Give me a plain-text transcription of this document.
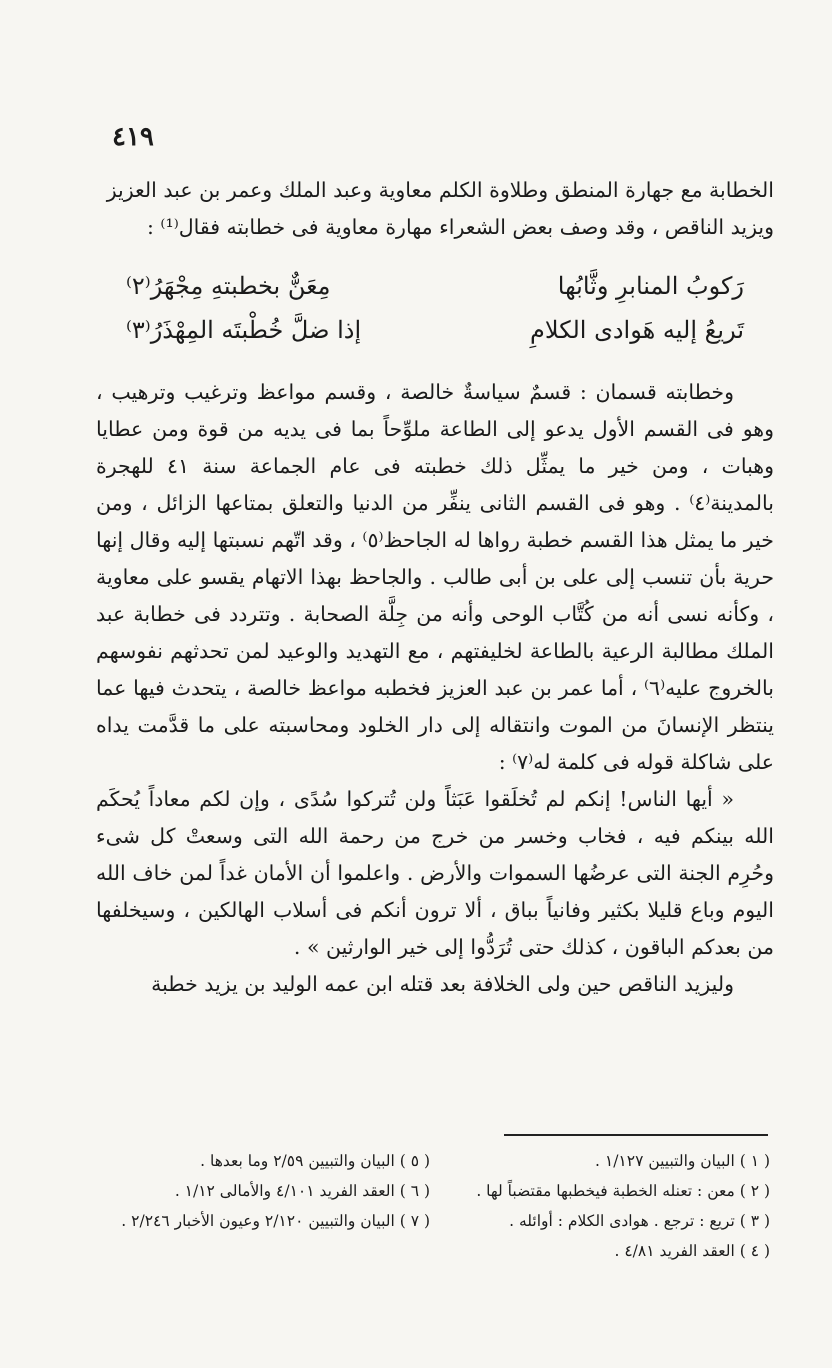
٤١٩

الخطابة مع جهارة المنطق وطلاوة الكلم معاوية وعبد الملك وعمر بن عبد العزيز

ويزيد الناقص ، وقد وصف بعض الشعراء مهارة معاوية فى خطابته فقال⁽¹⁾ :

رَكوبُ المنابرِ وثَّابُها
مِعَنٌّ بخطبتهِ مِجْهَرُ⁽٢⁾
تَريعُ إليه هَوادى الكلامِ
إذا ضلَّ خُطْبتَه المِهْذَرُ⁽٣⁾

وخطابته قسمان : قسمٌ سياسةٌ خالصة ، وقسم مواعظ وترغيب وترهيب ، وهو فى القسم الأول يدعو إلى الطاعة ملوِّحاً بما فى يديه من قوة ومن عطايا وهبات ، ومن خير ما يمثِّل ذلك خطبته فى عام الجماعة سنة ٤١ للهجرة بالمدينة⁽٤⁾ . وهو فى القسم الثانى ينفِّر من الدنيا والتعلق بمتاعها الزائل ، ومن خير ما يمثل هذا القسم خطبة رواها له الجاحظ⁽٥⁾ ، وقد اتّهم نسبتها إليه وقال إنها حرية بأن تنسب إلى على بن أبى طالب . والجاحظ بهذا الاتهام يقسو على معاوية ، وكأنه نسى أنه من كُتَّاب الوحى وأنه من جِلَّة الصحابة . وتتردد فى خطابة عبد الملك مطالبة الرعية بالطاعة لخليفتهم ، مع التهديد والوعيد لمن تحدثهم نفوسهم بالخروج عليه⁽٦⁾ ، أما عمر بن عبد العزيز فخطبه مواعظ خالصة ، يتحدث فيها عما ينتظر الإنسانَ من الموت وانتقاله إلى دار الخلود ومحاسبته على ما قدَّمت يداه على شاكلة قوله فى كلمة له⁽٧⁾ :

« أيها الناس! إنكم لم تُخلَقوا عَبَثاً ولن تُتركوا سُدًى ، وإن لكم معاداً يُحكَم الله بينكم فيه ، فخاب وخسر من خرج من رحمة الله التى وسعتْ كل شىء وحُرِم الجنة التى عرضُها السموات والأرض . واعلموا أن الأمان غداً لمن خاف الله اليوم وباع قليلا بكثير وفانياً بباق ، ألا ترون أنكم فى أسلاب الهالكين ، وسيخلفها من بعدكم الباقون ، كذلك حتى تُرَدُّوا إلى خير الوارثين » .

وليزيد الناقص حين ولى الخلافة بعد قتله ابن عمه الوليد بن يزيد خطبة

( ١ ) البيان والتبيين ١/١٢٧ .
( ٢ ) معن : تعنله الخطبة فيخطبها مقتضباً لها .
( ٣ ) تريع : ترجع . هوادى الكلام : أوائله .
( ٤ ) العقد الفريد ٤/٨١ .
( ٥ ) البيان والتبيين ٢/٥٩ وما بعدها .
( ٦ ) العقد الفريد ٤/١٠١ والأمالى ١/١٢ .
( ٧ ) البيان والتبيين ٢/١٢٠ وعيون الأخبار ٢/٢٤٦ .
